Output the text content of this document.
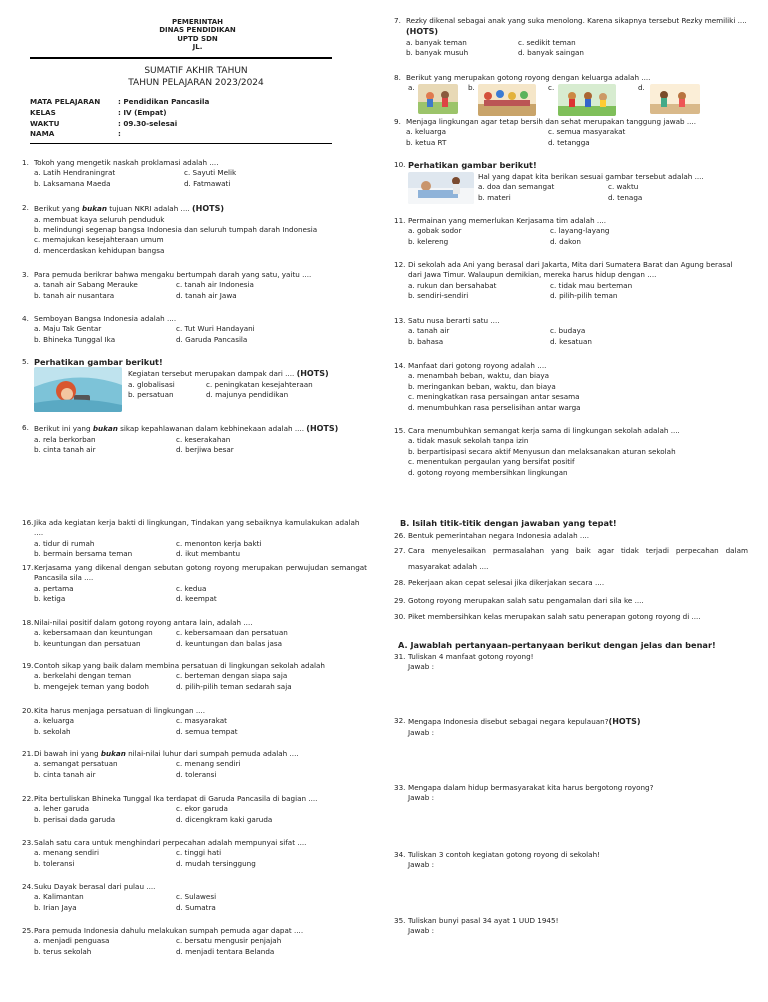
PEMERINTAH
DINAS PENDIDIKAN
UPTD SDN
JL.
SUMATIF AKHIR TAHUN
TAHUN PELAJARAN 2023/2024
MATA PELAJARAN	: Pendidikan Pancasila
KELAS	: IV (Empat)
WAKTU	: 09.30-selesai
NAMA	:
1. Tokoh yang mengetik naskah proklamasi adalah ....
a. Latih Hendraningrat	c. Sayuti Melik
b. Laksamana Maeda	d. Fatmawati
2. Berikut yang bukan tujuan NKRI adalah .... (HOTS)
a. membuat kaya seluruh penduduk
b. melindungi segenap bangsa Indonesia dan seluruh tumpah darah Indonesia
c. memajukan kesejahteraan umum
d. mencerdaskan kehidupan bangsa
3. Para pemuda berikrar bahwa mengaku bertumpah darah yang satu, yaitu ....
a. tanah air Sabang Merauke	c. tanah air Indonesia
b. tanah air nusantara	d. tanah air Jawa
4. Semboyan Bangsa Indonesia adalah ....
a. Maju Tak Gentar	c. Tut Wuri Handayani
b. Bhineka Tunggal Ika	d. Garuda Pancasila
5. Perhatikan gambar berikut!
Kegiatan tersebut merupakan dampak dari .... (HOTS)
a. globalisasi	c. peningkatan kesejahteraan
b. persatuan	d. majunya pendidikan
6. Berikut ini yang bukan sikap kepahlawanan dalam kebhinekaan adalah .... (HOTS)
a. rela berkorban	c. keserakahan
b. cinta tanah air	d. berjiwa besar
16. Jika ada kegiatan kerja bakti di lingkungan, Tindakan yang sebaiknya kamulakukan adalah ....
a. tidur di rumah	c. menonton kerja bakti
b. bermain bersama teman	d. ikut membantu
17. Kerjasama yang dikenal dengan sebutan gotong royong merupakan perwujudan semangat
Pancasila sila ....
a. pertama	c. kedua
b. ketiga	d. keempat
18. Nilai-nilai positif dalam gotong royong antara lain, adalah ....
a. kebersamaan dan keuntungan	c. kebersamaan dan persatuan
b. keuntungan dan persatuan	d. keuntungan dan balas jasa
19. Contoh sikap yang baik dalam membina persatuan di lingkungan sekolah adalah
a. berkelahi dengan teman	c. berteman dengan siapa saja
b. mengejek teman yang bodoh	d. pilih-pilih teman sedarah saja
20. Kita harus menjaga persatuan di lingkungan ....
a. keluarga	c. masyarakat
b. sekolah	d. semua tempat
21. Di bawah ini yang bukan nilai-nilai luhur dari sumpah pemuda adalah ....
a. semangat persatuan	c. menang sendiri
b. cinta tanah air	d. toleransi
22. Pita bertuliskan Bhineka Tunggal Ika terdapat di Garuda Pancasila di bagian ....
a. leher garuda	c. ekor garuda
b. perisai dada garuda	d. dicengkram kaki garuda
23. Salah satu cara untuk menghindari perpecahan adalah mempunyai sifat ....
a. menang sendiri	c. tinggi hati
b. toleransi	d. mudah tersinggung
24. Suku Dayak berasal dari pulau ....
a. Kalimantan	c. Sulawesi
b. Irian Jaya	d. Sumatra
25. Para pemuda Indonesia dahulu melakukan sumpah pemuda agar dapat ....
a. menjadi penguasa	c. bersatu mengusir penjajah
b. terus sekolah	d. menjadi tentara Belanda
7. Rezky dikenal sebagai anak yang suka menolong. Karena sikapnya tersebut Rezky memiliki ....
(HOTS)
a. banyak teman	c. sedikit teman
b. banyak musuh	d. banyak saingan
8. Berikut yang merupakan gotong royong dengan keluarga adalah ....
a.	b.	c.	d.
9. Menjaga lingkungan agar tetap bersih dan sehat merupakan tanggung jawab ....
a. keluarga	c. semua masyarakat
b. ketua RT	d. tetangga
10. Perhatikan gambar berikut!
Hal yang dapat kita berikan sesuai gambar tersebut adalah ....
a. doa dan semangat	c. waktu
b. materi	d. tenaga
11. Permainan yang memerlukan Kerjasama tim adalah ....
a. gobak sodor	c. layang-layang
b. kelereng	d. dakon
12. Di sekolah ada Ani yang berasal dari Jakarta, Mita dari Sumatera Barat dan Agung berasal
dari Jawa Timur. Walaupun demikian, mereka harus hidup dengan ....
a. rukun dan bersahabat	c. tidak mau berteman
b. sendiri-sendiri	d. pilih-pilih teman
13. Satu nusa berarti satu ....
a. tanah air	c. budaya
b. bahasa	d. kesatuan
14. Manfaat dari gotong royong adalah ....
a. menambah beban, waktu, dan biaya
b. meringankan beban, waktu, dan biaya
c. meningkatkan rasa persaingan antar sesama
d. menumbuhkan rasa perselisihan antar warga
15. Cara menumbuhkan semangat kerja sama di lingkungan sekolah adalah ....
a. tidak masuk sekolah tanpa izin
b. berpartisipasi secara aktif Menyusun dan melaksanakan aturan sekolah
c. menentukan pergaulan yang bersifat positif
d. gotong royong membersihkan lingkungan
B. Isilah titik-titik dengan jawaban yang tepat!
26. Bentuk pemerintahan negara Indonesia adalah ....
27. Cara menyelesaikan permasalahan yang baik agar tidak terjadi perpecahan dalam
masyarakat adalah ....
28. Pekerjaan akan cepat selesai jika dikerjakan secara ....
29. Gotong royong merupakan salah satu pengamalan dari sila ke ....
30. Piket membersihkan kelas merupakan salah satu penerapan gotong royong di ....
A. Jawablah pertanyaan-pertanyaan berikut dengan jelas dan benar!
31. Tuliskan 4 manfaat gotong royong!
Jawab :
32. Mengapa Indonesia disebut sebagai negara kepulauan?(HOTS)
Jawab :
33. Mengapa dalam hidup bermasyarakat kita harus bergotong royong?
Jawab :
34. Tuliskan 3 contoh kegiatan gotong royong di sekolah!
Jawab :
35. Tuliskan bunyi pasal 34 ayat 1 UUD 1945!
Jawab :
